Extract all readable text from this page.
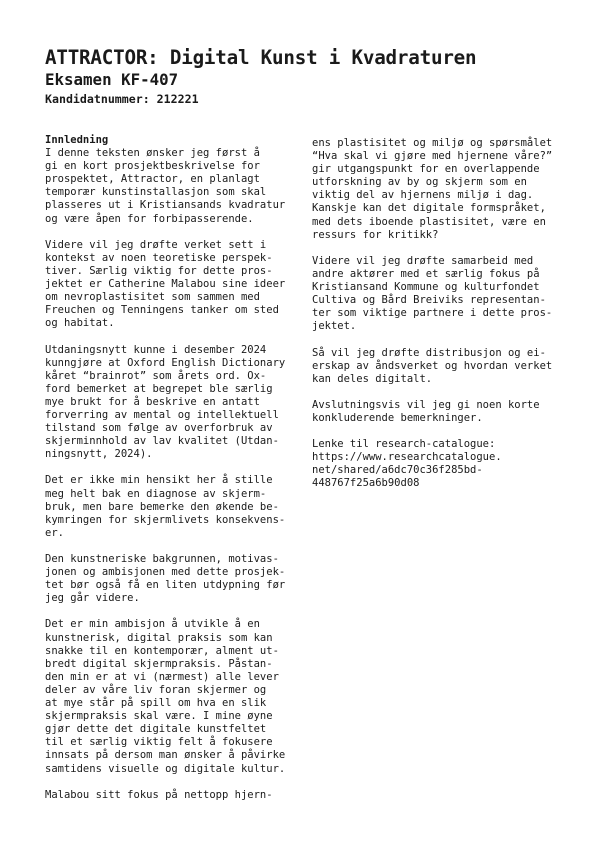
ATTRACTOR: Digital Kunst i Kvadraturen
Eksamen KF-407
Kandidatnummer: 212221
Innledning
I denne teksten ønsker jeg først å
gi en kort prosjektbeskrivelse for
prospektet, Attractor, en planlagt
temporær kunstinstallasjon som skal
plasseres ut i Kristiansands kvadratur
og være åpen for forbipasserende.
Videre vil jeg drøfte verket sett i
kontekst av noen teoretiske perspek-
tiver. Særlig viktig for dette pros-
jektet er Catherine Malabou sine ideer
om nevroplastisitet som sammen med
Freuchen og Tenningens tanker om sted
og habitat.
Utdaningsnytt kunne i desember 2024
kunngjøre at Oxford English Dictionary
kåret “brainrot” som årets ord. Ox-
ford bemerket at begrepet ble særlig
mye brukt for å beskrive en antatt
forverring av mental og intellektuell
tilstand som følge av overforbruk av
skjerminnhold av lav kvalitet (Utdan-
ningsnytt, 2024).
Det er ikke min hensikt her å stille
meg helt bak en diagnose av skjerm-
bruk, men bare bemerke den økende be-
kymringen for skjermlivets konsekvens-
er.
Den kunstneriske bakgrunnen, motivas-
jonen og ambisjonen med dette prosjek-
tet bør også få en liten utdypning før
jeg går videre.
Det er min ambisjon å utvikle å en
kunstnerisk, digital praksis som kan
snakke til en kontemporær, alment ut-
bredt digital skjermpraksis. Påstan-
den min er at vi (nærmest) alle lever
deler av våre liv foran skjermer og
at mye står på spill om hva en slik
skjermpraksis skal være. I mine øyne
gjør dette det digitale kunstfeltet
til et særlig viktig felt å fokusere
innsats på dersom man ønsker å påvirke
samtidens visuelle og digitale kultur.
Malabou sitt fokus på nettopp hjern-
ens plastisitet og miljø og spørsmålet
“Hva skal vi gjøre med hjernene våre?”
gir utgangspunkt for en overlappende
utforskning av by og skjerm som en
viktig del av hjernens miljø i dag.
Kanskje kan det digitale formspråket,
med dets iboende plastisitet, være en
ressurs for kritikk?
Videre vil jeg drøfte samarbeid med
andre aktører med et særlig fokus på
Kristiansand Kommune og kulturfondet
Cultiva og Bård Breiviks representan-
ter som viktige partnere i dette pros-
jektet.
Så vil jeg drøfte distribusjon og ei-
erskap av åndsverket og hvordan verket
kan deles digitalt.
Avslutningsvis vil jeg gi noen korte
konkluderende bemerkninger.
Lenke til research-catalogue:
https://www.researchcatalogue.
net/shared/a6dc70c36f285bd-
448767f25a6b90d08
